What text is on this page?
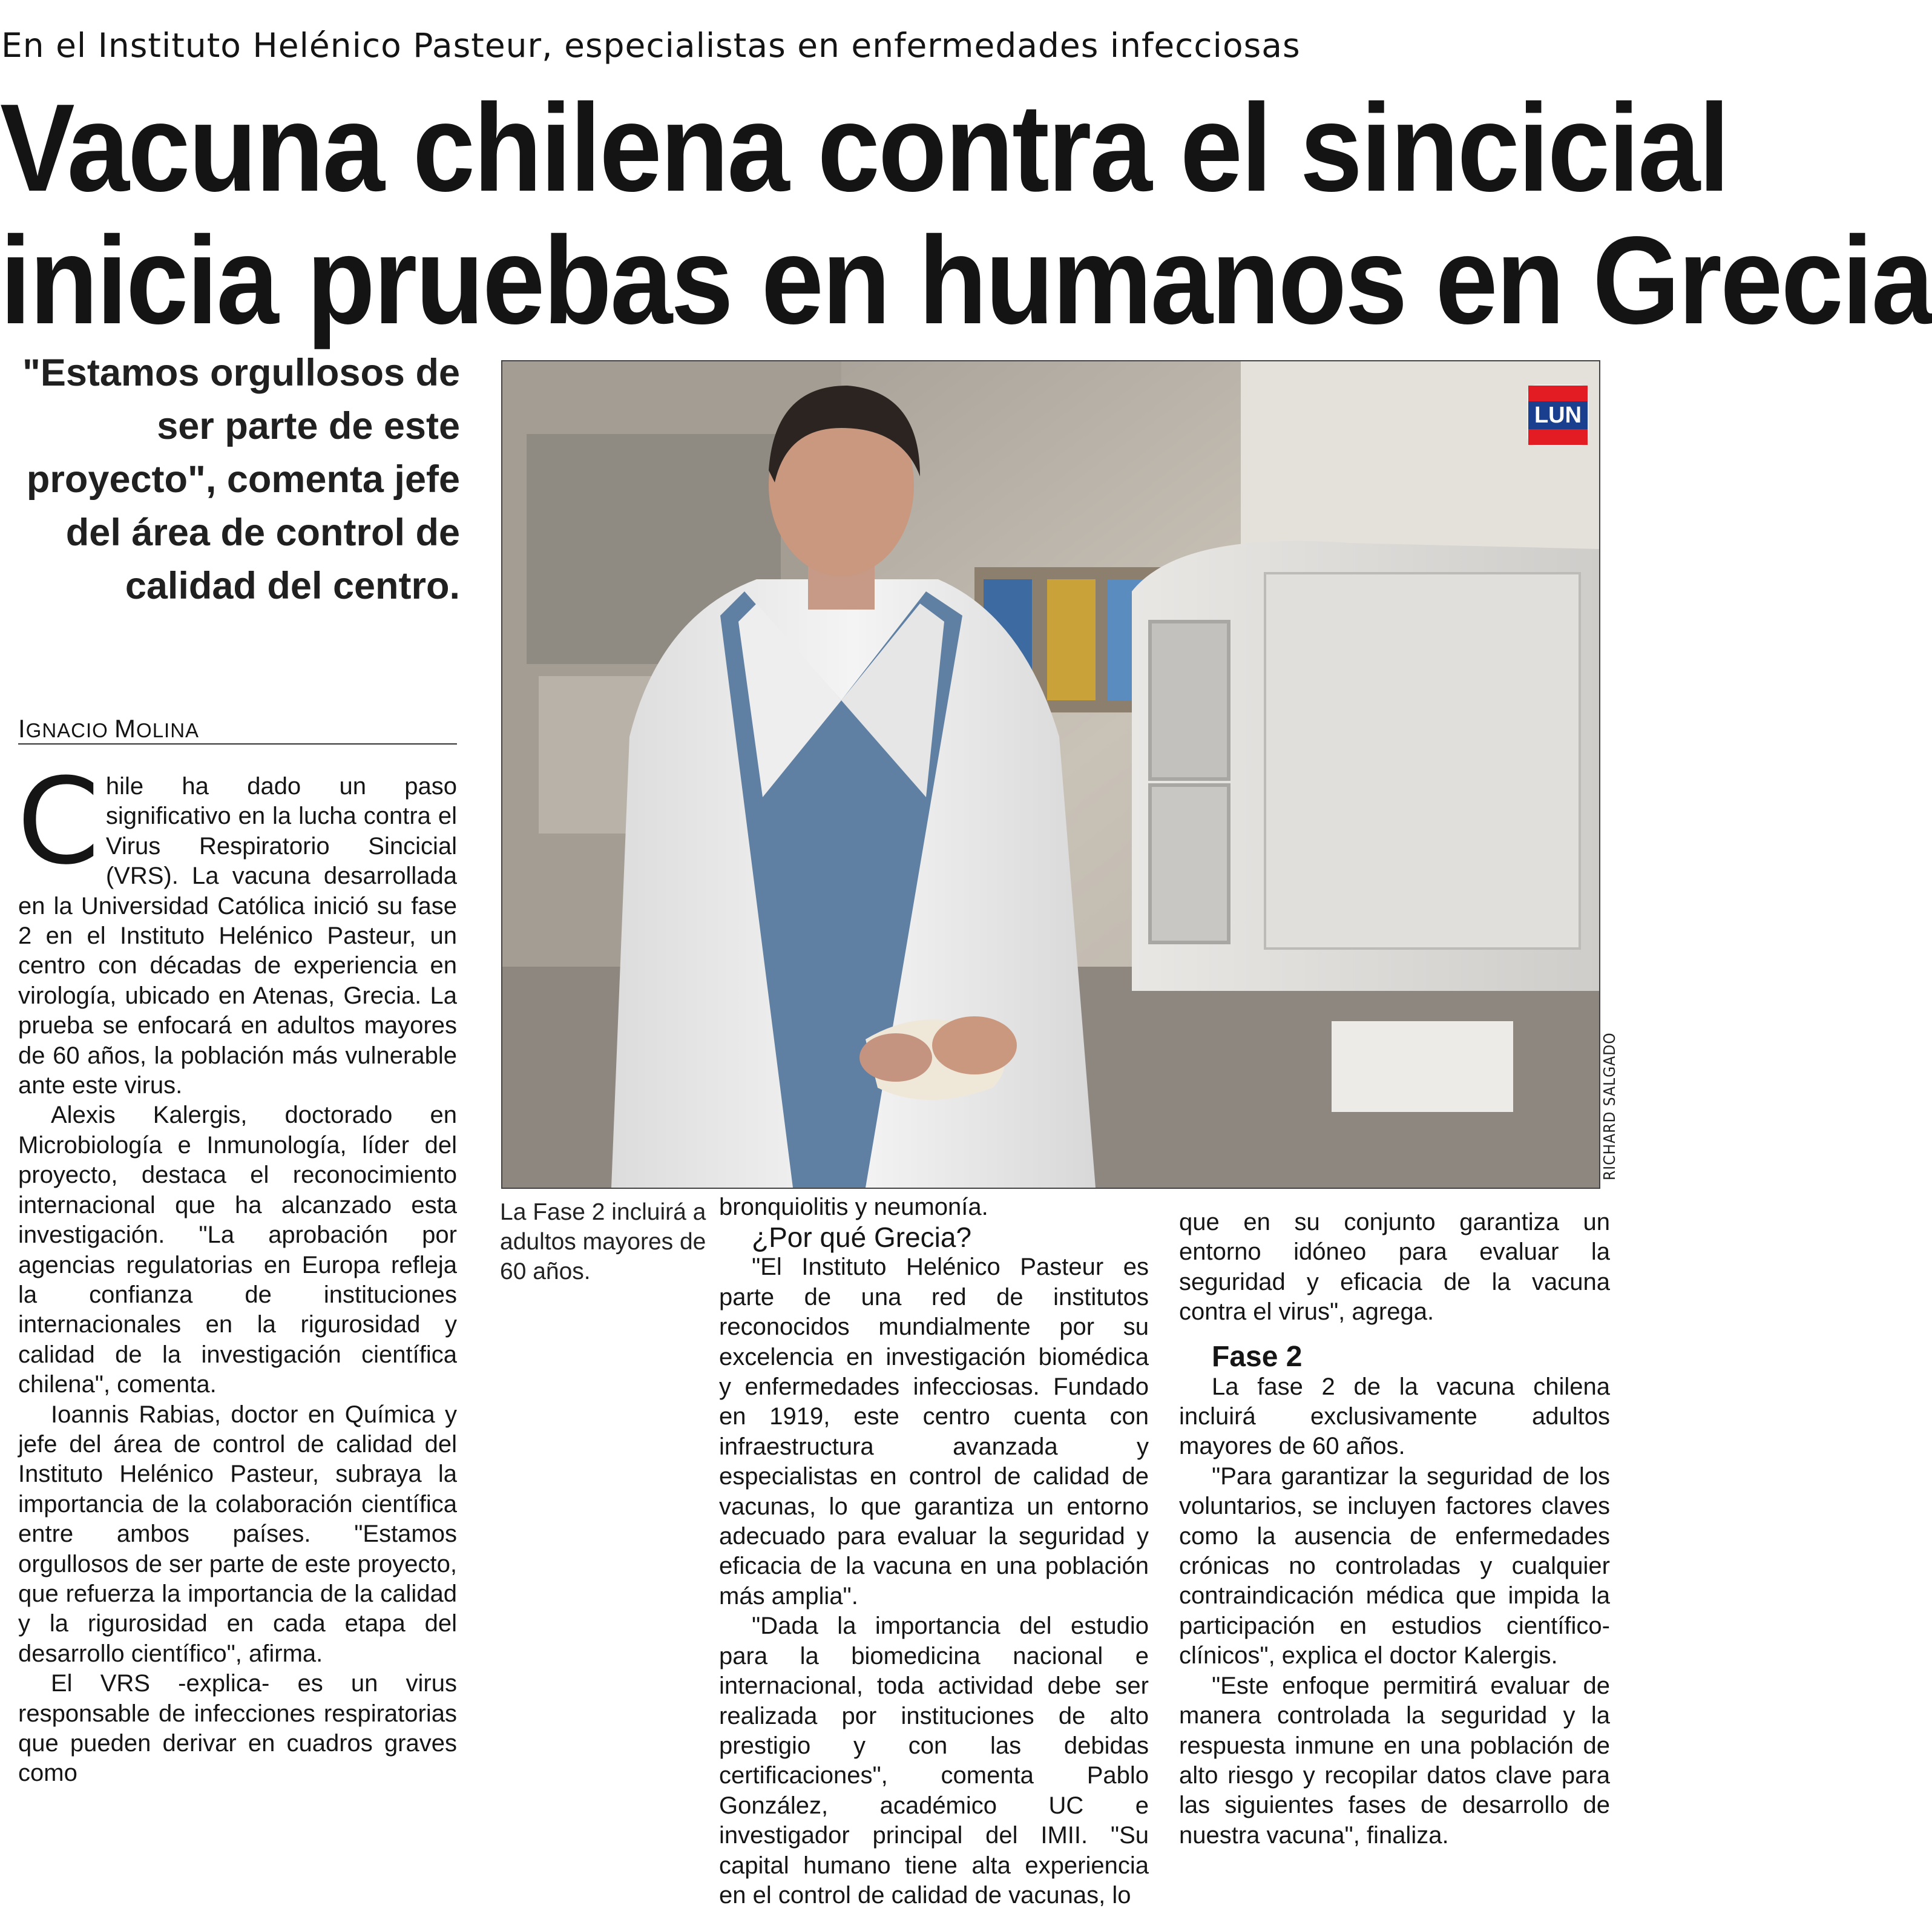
En el Instituto Helénico Pasteur, especialistas en enfermedades infecciosas
Vacuna chilena contra el sincicial
inicia pruebas en humanos en Grecia
"Estamos orgullosos de ser parte de este proyecto", comenta jefe del área de control de calidad del centro.
IGNACIO MOLINA

Chile ha dado un paso significativo en la lucha contra el Virus Respiratorio Sincicial (VRS). La vacuna desarrollada en la Universidad Católica inició su fase 2 en el Instituto Helénico Pasteur, un centro con décadas de experiencia en virología, ubicado en Atenas, Grecia. La prueba se enfocará en adultos mayores de 60 años, la población más vulnerable ante este virus.

Alexis Kalergis, doctorado en Microbiología e Inmunología, líder del proyecto, destaca el reconocimiento internacional que ha alcanzado esta investigación. "La aprobación por agencias regulatorias en Europa refleja la confianza de instituciones internacionales en la rigurosidad y calidad de la investigación científica chilena", comenta.

Ioannis Rabias, doctor en Química y jefe del área de control de calidad del Instituto Helénico Pasteur, subraya la importancia de la colaboración científica entre ambos países. "Estamos orgullosos de ser parte de este proyecto, que refuerza la importancia de la calidad y la rigurosidad en cada etapa del desarrollo científico", afirma.

El VRS -explica- es un virus responsable de infecciones respiratorias que pueden derivar en cuadros graves como

LUN
RICHARD SALGADO
La Fase 2 incluirá a adultos mayores de 60 años.

bronquiolitis y neumonía.

¿Por qué Grecia?

"El Instituto Helénico Pasteur es parte de una red de institutos reconocidos mundialmente por su excelencia en investigación biomédica y enfermedades infecciosas. Fundado en 1919, este centro cuenta con infraestructura avanzada y especialistas en control de calidad de vacunas, lo que garantiza un entorno adecuado para evaluar la seguridad y eficacia de la vacuna en una población más amplia".

"Dada la importancia del estudio para la biomedicina nacional e internacional, toda actividad debe ser realizada por instituciones de alto prestigio y con las debidas certificaciones", comenta Pablo González, académico UC e investigador principal del IMII. "Su capital humano tiene alta experiencia en el control de calidad de vacunas, lo

que en su conjunto garantiza un entorno idóneo para evaluar la seguridad y eficacia de la vacuna contra el virus", agrega.

Fase 2

La fase 2 de la vacuna chilena incluirá exclusivamente adultos mayores de 60 años.

"Para garantizar la seguridad de los voluntarios, se incluyen factores claves como la ausencia de enfermedades crónicas no controladas y cualquier contraindicación médica que impida la participación en estudios científico-clínicos", explica el doctor Kalergis.

"Este enfoque permitirá evaluar de manera controlada la seguridad y la respuesta inmune en una población de alto riesgo y recopilar datos clave para las siguientes fases de desarrollo de nuestra vacuna", finaliza.
